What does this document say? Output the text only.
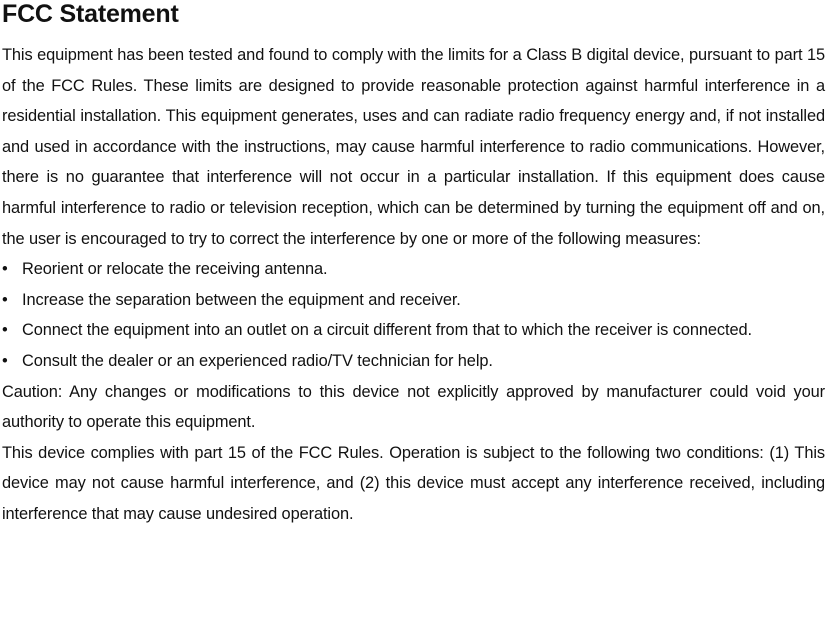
FCC Statement

This equipment has been tested and found to comply with the limits for a Class B digital device, pursuant to part 15 of the FCC Rules. These limits are designed to provide reasonable protection against harmful interference in a residential installation. This equipment generates, uses and can radiate radio frequency energy and, if not installed and used in accordance with the instructions, may cause harmful interference to radio communications. However, there is no guarantee that interference will not occur in a particular installation. If this equipment does cause harmful interference to radio or television reception, which can be determined by turning the equipment off and on, the user is encouraged to try to correct the interference by one or more of the following measures:

• Reorient or relocate the receiving antenna.
• Increase the separation between the equipment and receiver.

• Connect the equipment into an outlet on a circuit different from that to which the receiver is connected.

• Consult the dealer or an experienced radio/TV technician for help.

Caution: Any changes or modifications to this device not explicitly approved by manufacturer could void your authority to operate this equipment.

This device complies with part 15 of the FCC Rules. Operation is subject to the following two conditions: (1) This device may not cause harmful interference, and (2) this device must accept any interference received, including interference that may cause undesired operation.
